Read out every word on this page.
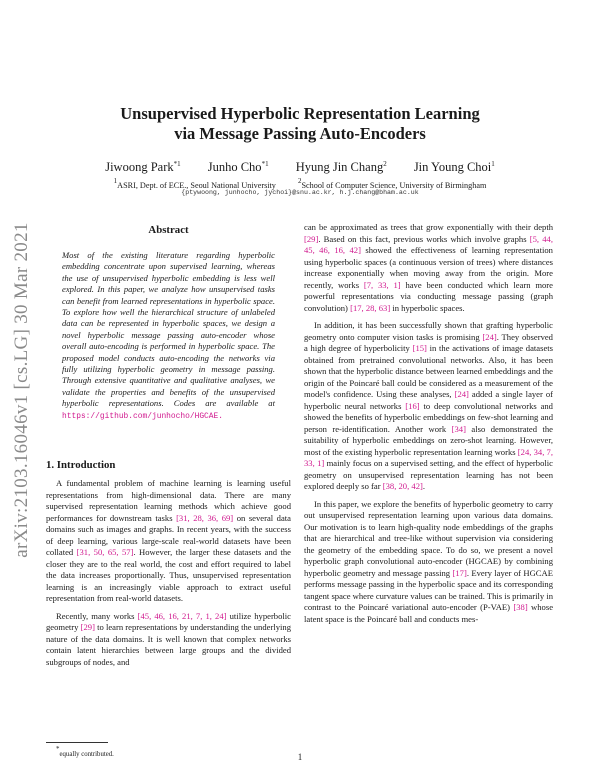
arXiv:2103.16046v1 [cs.LG] 30 Mar 2021
Unsupervised Hyperbolic Representation Learning
via Message Passing Auto-Encoders
Jiwoong Park$^{*1}$ Junho Cho$^{*1}$ Hyung Jin Chang$^2$ Jin Young Choi$^1$
$^1$ASRI, Dept. of ECE., Seoul National University	$^2$School of Computer Science, University of Birmingham
{ptywoong, junhocho, jychoi}@snu.ac.kr, h.j.chang@bham.ac.uk
Abstract
Most of the existing literature regarding hyperbolic embedding concentrate upon supervised learning, whereas the use of unsupervised hyperbolic embedding is less well explored. In this paper, we analyze how unsupervised tasks can benefit from learned representations in hyperbolic space. To explore how well the hierarchical structure of unlabeled data can be represented in hyperbolic spaces, we design a novel hyperbolic message passing auto-encoder whose overall auto-encoding is performed in hyperbolic space. The proposed model conducts auto-encoding the networks via fully utilizing hyperbolic geometry in message passing. Through extensive quantitative and qualitative analyses, we validate the properties and benefits of the unsupervised hyperbolic representations. Codes are available at https://github.com/junhocho/HGCAE.
1. Introduction

A fundamental problem of machine learning is learning useful representations from high-dimensional data. There are many supervised representation learning methods which achieve good performances for downstream tasks [31, 28, 36, 69] on several data domains such as images and graphs. In recent years, with the success of deep learning, various large-scale real-world datasets have been collated [31, 50, 65, 57]. However, the larger these datasets and the closer they are to the real world, the cost and effort required to label the data increases proportionally. Thus, unsupervised representation learning is an increasingly viable approach to extract useful representation from real-world datasets.

Recently, many works [45, 46, 16, 21, 7, 1, 24] utilize hyperbolic geometry [29] to learn representations by understanding the underlying nature of the data domains. It is well known that complex networks contain latent hierarchies between large groups and the divided subgroups of nodes, and

can be approximated as trees that grow exponentially with their depth [29]. Based on this fact, previous works which involve graphs [5, 44, 45, 46, 16, 42] showed the effectiveness of learning representation using hyperbolic spaces (a continuous version of trees) where distances increase exponentially when moving away from the origin. More recently, works [7, 33, 1] have been conducted which learn more powerful representations via conducting message passing (graph convolution) [17, 28, 63] in hyperbolic spaces.

In addition, it has been successfully shown that grafting hyperbolic geometry onto computer vision tasks is promising [24]. They observed a high degree of hyperbolicity [15] in the activations of image datasets obtained from pretrained convolutional networks. Also, it has been shown that the hyperbolic distance between learned embeddings and the origin of the Poincaré ball could be considered as a measurement of the model's confidence. Using these analyses, [24] added a single layer of hyperbolic neural networks [16] to deep convolutional networks and showed the benefits of hyperbolic embeddings on few-shot learning and person re-identification. Another work [34] also demonstrated the suitability of hyperbolic embeddings on zero-shot learning. However, most of the existing hyperbolic representation learning works [24, 34, 7, 33, 1] mainly focus on a supervised setting, and the effect of hyperbolic geometry on unsupervised representation learning has not been explored deeply so far [38, 20, 42].

In this paper, we explore the benefits of hyperbolic geometry to carry out unsupervised representation learning upon various data domains. Our motivation is to learn high-quality node embeddings of the graphs that are hierarchical and tree-like without supervision via considering the geometry of the embedding space. To do so, we present a novel hyperbolic graph convolutional auto-encoder (HGCAE) by combining hyperbolic geometry and message passing [17]. Every layer of HGCAE performs message passing in the hyperbolic space and its corresponding tangent space where curvature values can be trained. This is primarily in contrast to the Poincaré variational auto-encoder (P-VAE) [38] whose latent space is the Poincaré ball and conducts mes-

*equally contributed.	1
